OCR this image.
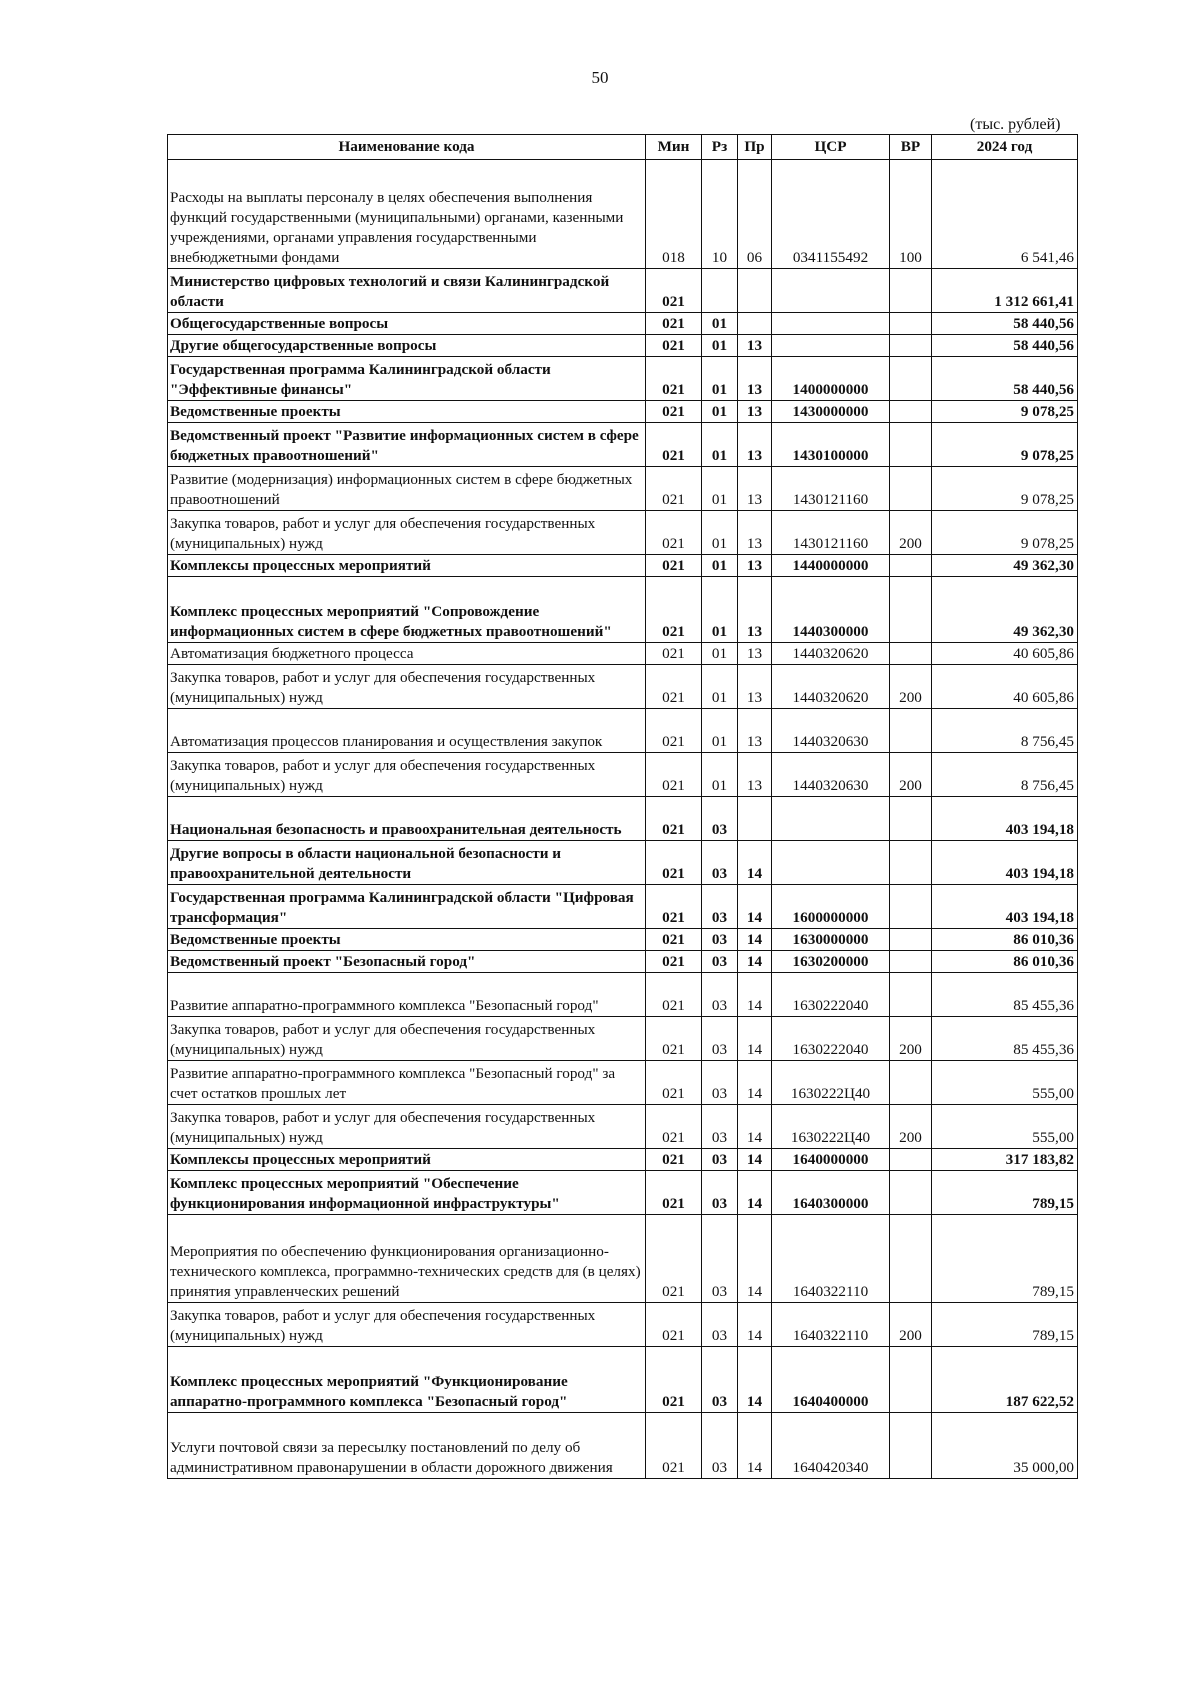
50
(тыс. рублей)
Наименование кода	Мин	Рз	Пр	ЦСР	ВР	2024 год
Расходы на выплаты персоналу в целях обеспечения выполнения функций государственными (муниципальными) органами, казенными учреждениями, органами управления государственными внебюджетными фондами	018	10	06	0341155492	100	6 541,46
Министерство цифровых технологий и связи Калининградской области	021					1 312 661,41
Общегосударственные вопросы	021	01				58 440,56
Другие общегосударственные вопросы	021	01	13			58 440,56
Государственная программа Калининградской области "Эффективные финансы"	021	01	13	1400000000		58 440,56
Ведомственные проекты	021	01	13	1430000000		9 078,25
Ведомственный проект "Развитие информационных систем в сфере бюджетных правоотношений"	021	01	13	1430100000		9 078,25
Развитие (модернизация) информационных систем в сфере бюджетных правоотношений	021	01	13	1430121160		9 078,25
Закупка товаров, работ и услуг для обеспечения государственных (муниципальных) нужд	021	01	13	1430121160	200	9 078,25
Комплексы процессных мероприятий	021	01	13	1440000000		49 362,30
Комплекс процессных мероприятий "Сопровождение информационных систем в сфере бюджетных правоотношений"	021	01	13	1440300000		49 362,30
Автоматизация бюджетного процесса	021	01	13	1440320620		40 605,86
Закупка товаров, работ и услуг для обеспечения государственных (муниципальных) нужд	021	01	13	1440320620	200	40 605,86
Автоматизация процессов планирования и осуществления закупок	021	01	13	1440320630		8 756,45
Закупка товаров, работ и услуг для обеспечения государственных (муниципальных) нужд	021	01	13	1440320630	200	8 756,45
Национальная безопасность и правоохранительная деятельность	021	03				403 194,18
Другие вопросы в области национальной безопасности и правоохранительной деятельности	021	03	14			403 194,18
Государственная программа Калининградской области "Цифровая трансформация"	021	03	14	1600000000		403 194,18
Ведомственные проекты	021	03	14	1630000000		86 010,36
Ведомственный проект "Безопасный город"	021	03	14	1630200000		86 010,36
Развитие аппаратно-программного комплекса "Безопасный город"	021	03	14	1630222040		85 455,36
Закупка товаров, работ и услуг для обеспечения государственных (муниципальных) нужд	021	03	14	1630222040	200	85 455,36
Развитие аппаратно-программного комплекса "Безопасный город" за счет остатков прошлых лет	021	03	14	1630222Ц40		555,00
Закупка товаров, работ и услуг для обеспечения государственных (муниципальных) нужд	021	03	14	1630222Ц40	200	555,00
Комплексы процессных мероприятий	021	03	14	1640000000		317 183,82
Комплекс процессных мероприятий "Обеспечение функционирования информационной инфраструктуры"	021	03	14	1640300000		789,15
Мероприятия по обеспечению функционирования организационно-технического комплекса, программно-технических средств для (в целях) принятия управленческих решений	021	03	14	1640322110		789,15
Закупка товаров, работ и услуг для обеспечения государственных (муниципальных) нужд	021	03	14	1640322110	200	789,15
Комплекс процессных мероприятий "Функционирование аппаратно-программного комплекса "Безопасный город"	021	03	14	1640400000		187 622,52
Услуги почтовой связи за пересылку постановлений по делу об административном правонарушении в области дорожного движения	021	03	14	1640420340		35 000,00
